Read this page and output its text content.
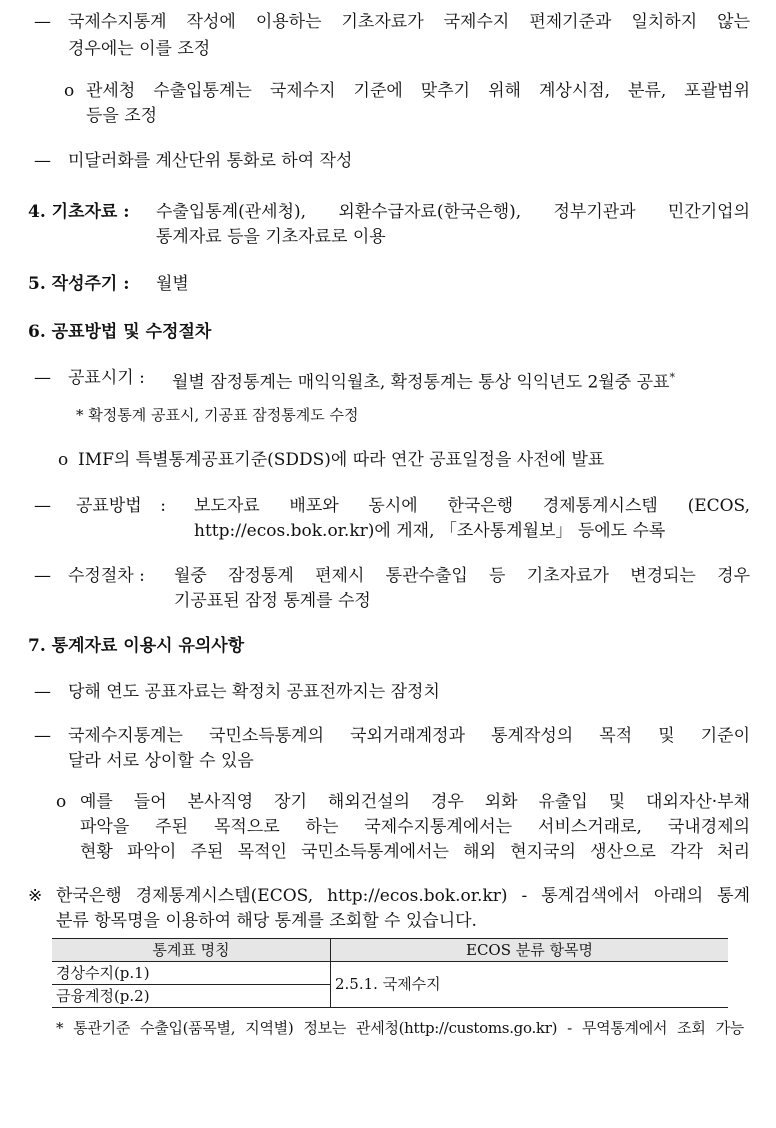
— 국제수지통계 작성에 이용하는 기초자료가 국제수지 편제기준과 일치하지 않는
경우에는 이를 조정
o 관세청 수출입통계는 국제수지 기준에 맞추기 위해 계상시점, 분류, 포괄범위
등을 조정
— 미달러화를 계산단위 통화로 하여 작성
4. 기초자료 : 수출입통계(관세청), 외환수급자료(한국은행), 정부기관과 민간기업의
통계자료 등을 기초자료로 이용
5. 작성주기 : 월별
6. 공표방법 및 수정절차
— 공표시기 : 월별 잠정통계는 매익익월초, 확정통계는 통상 익익년도 2월중 공표*
* 확정통계 공표시, 기공표 잠정통계도 수정
o IMF의 특별통계공표기준(SDDS)에 따라 연간 공표일정을 사전에 발표
— 공표방법 : 보도자료 배포와 동시에 한국은행 경제통계시스템 (ECOS,
http://ecos.bok.or.kr)에 게재, 「조사통계월보」 등에도 수록
— 수정절차 : 월중 잠정통계 편제시 통관수출입 등 기초자료가 변경되는 경우
기공표된 잠정 통계를 수정
7. 통계자료 이용시 유의사항
— 당해 연도 공표자료는 확정치 공표전까지는 잠정치
— 국제수지통계는 국민소득통계의 국외거래계정과 통계작성의 목적 및 기준이
달라 서로 상이할 수 있음
o 예를 들어 본사직영 장기 해외건설의 경우 외화 유출입 및 대외자산·부채
파악을 주된 목적으로 하는 국제수지통계에서는 서비스거래로, 국내경제의
현황 파악이 주된 목적인 국민소득통계에서는 해외 현지국의 생산으로 각각 처리
※ 한국은행 경제통계시스템(ECOS, http://ecos.bok.or.kr) - 통계검색에서 아래의 통계
분류 항목명을 이용하여 해당 통계를 조회할 수 있습니다.
통계표 명칭	ECOS 분류 항목명
경상수지(p.1)	2.5.1. 국제수지
금융계정(p.2)	
* 통관기준 수출입(품목별, 지역별) 정보는 관세청(http://customs.go.kr) - 무역통계에서 조회 가능
